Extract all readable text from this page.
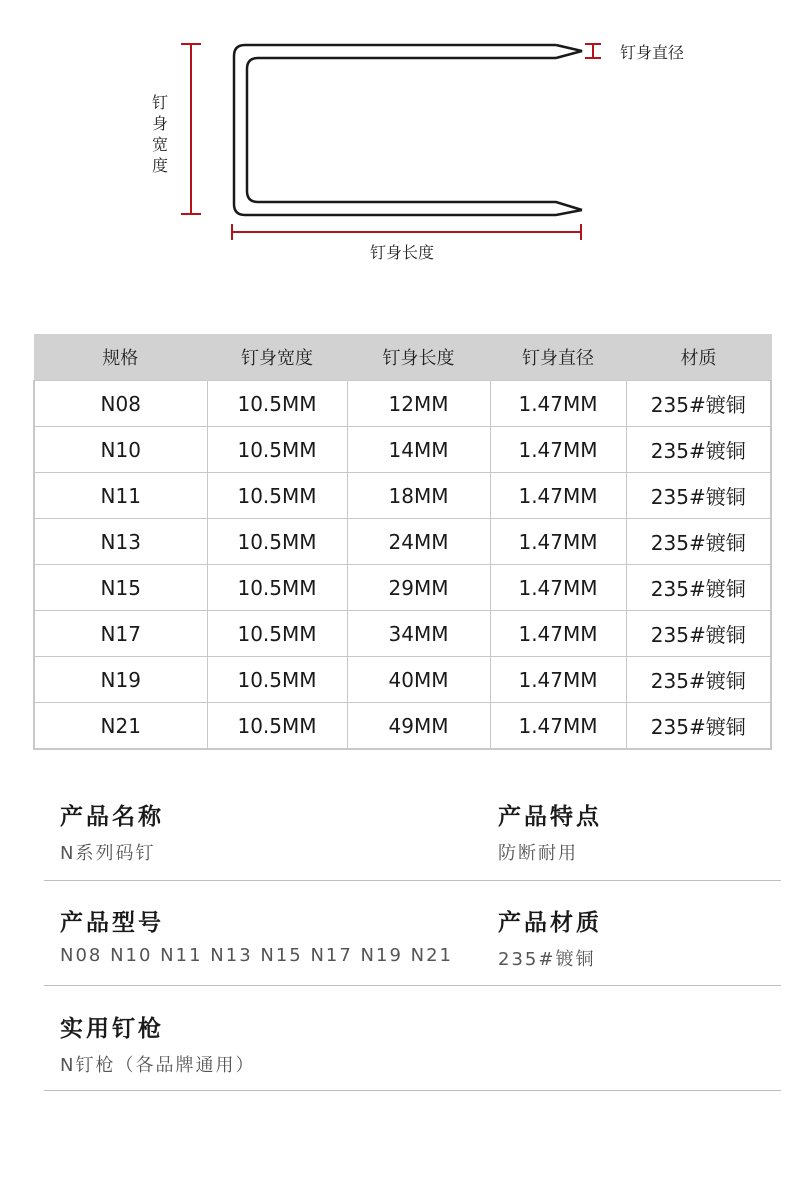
钉身宽度
钉身直径
钉身长度
规格	钉身宽度	钉身长度	钉身直径	材质
N08	10.5MM	12MM	1.47MM	235#镀铜
N10	10.5MM	14MM	1.47MM	235#镀铜
N11	10.5MM	18MM	1.47MM	235#镀铜
N13	10.5MM	24MM	1.47MM	235#镀铜
N15	10.5MM	29MM	1.47MM	235#镀铜
N17	10.5MM	34MM	1.47MM	235#镀铜
N19	10.5MM	40MM	1.47MM	235#镀铜
N21	10.5MM	49MM	1.47MM	235#镀铜
产品名称
N系列码钉
产品特点
防断耐用
产品型号
N08 N10 N11 N13 N15 N17 N19 N21
产品材质
235#镀铜
实用钉枪
N钉枪（各品牌通用）
